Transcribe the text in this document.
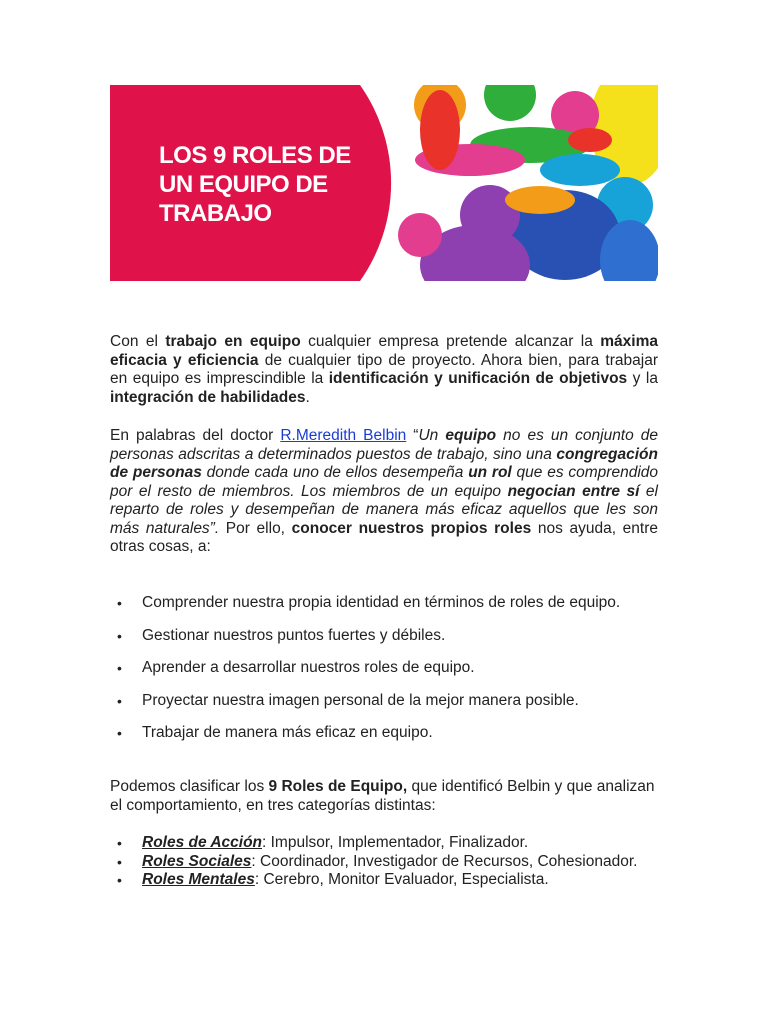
LOS 9 ROLES DE
UN EQUIPO DE
TRABAJO

Con el trabajo en equipo cualquier empresa pretende alcanzar la máxima eficacia y eficiencia de cualquier tipo de proyecto. Ahora bien, para trabajar en equipo es imprescindible la identificación y unificación de objetivos y la integración de habilidades.

En palabras del doctor R.Meredith Belbin “Un equipo no es un conjunto de personas adscritas a determinados puestos de trabajo, sino una congregación de personas donde cada uno de ellos desempeña un rol que es comprendido por el resto de miembros. Los miembros de un equipo negocian entre sí el reparto de roles y desempeñan de manera más eficaz aquellos que les son más naturales”. Por ello, conocer nuestros propios roles nos ayuda, entre otras cosas, a:

• Comprender nuestra propia identidad en términos de roles de equipo.
• Gestionar nuestros puntos fuertes y débiles.
• Aprender a desarrollar nuestros roles de equipo.
• Proyectar nuestra imagen personal de la mejor manera posible.
• Trabajar de manera más eficaz en equipo.

Podemos clasificar los 9 Roles de Equipo, que identificó Belbin y que analizan el comportamiento, en tres categorías distintas:

• Roles de Acción: Impulsor, Implementador, Finalizador.
• Roles Sociales: Coordinador, Investigador de Recursos, Cohesionador.
• Roles Mentales: Cerebro, Monitor Evaluador, Especialista.
